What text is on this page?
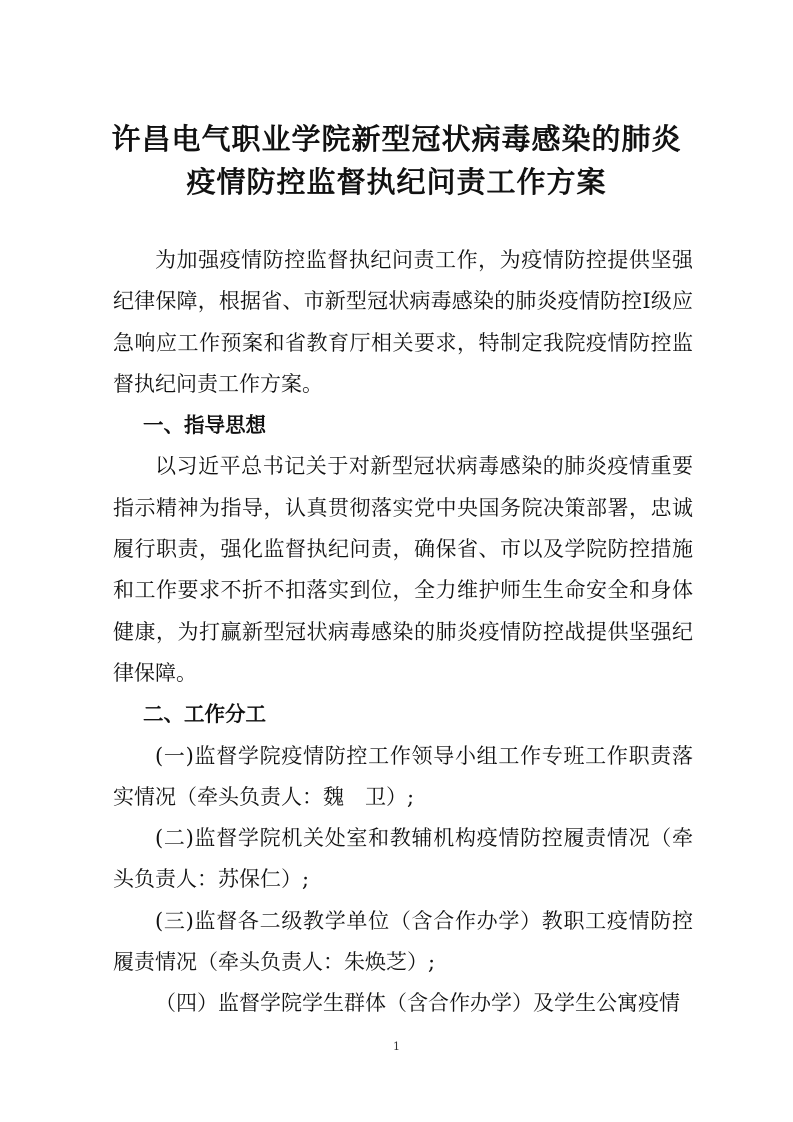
许昌电气职业学院新型冠状病毒感染的肺炎
疫情防控监督执纪问责工作方案

为加强疫情防控监督执纪问责工作，为疫情防控提供坚强纪律保障，根据省、市新型冠状病毒感染的肺炎疫情防控Ⅰ级应急响应工作预案和省教育厅相关要求，特制定我院疫情防控监督执纪问责工作方案。

一、指导思想

以习近平总书记关于对新型冠状病毒感染的肺炎疫情重要指示精神为指导，认真贯彻落实党中央国务院决策部署，忠诚履行职责，强化监督执纪问责，确保省、市以及学院防控措施和工作要求不折不扣落实到位，全力维护师生生命安全和身体健康，为打赢新型冠状病毒感染的肺炎疫情防控战提供坚强纪律保障。

二、工作分工

(一)监督学院疫情防控工作领导小组工作专班工作职责落实情况（牵头负责人：魏　卫）;

(二)监督学院机关处室和教辅机构疫情防控履责情况（牵头负责人：苏保仁）;

(三)监督各二级教学单位（含合作办学）教职工疫情防控履责情况（牵头负责人：朱焕芝）;

（四）监督学院学生群体（含合作办学）及学生公寓疫情

1
